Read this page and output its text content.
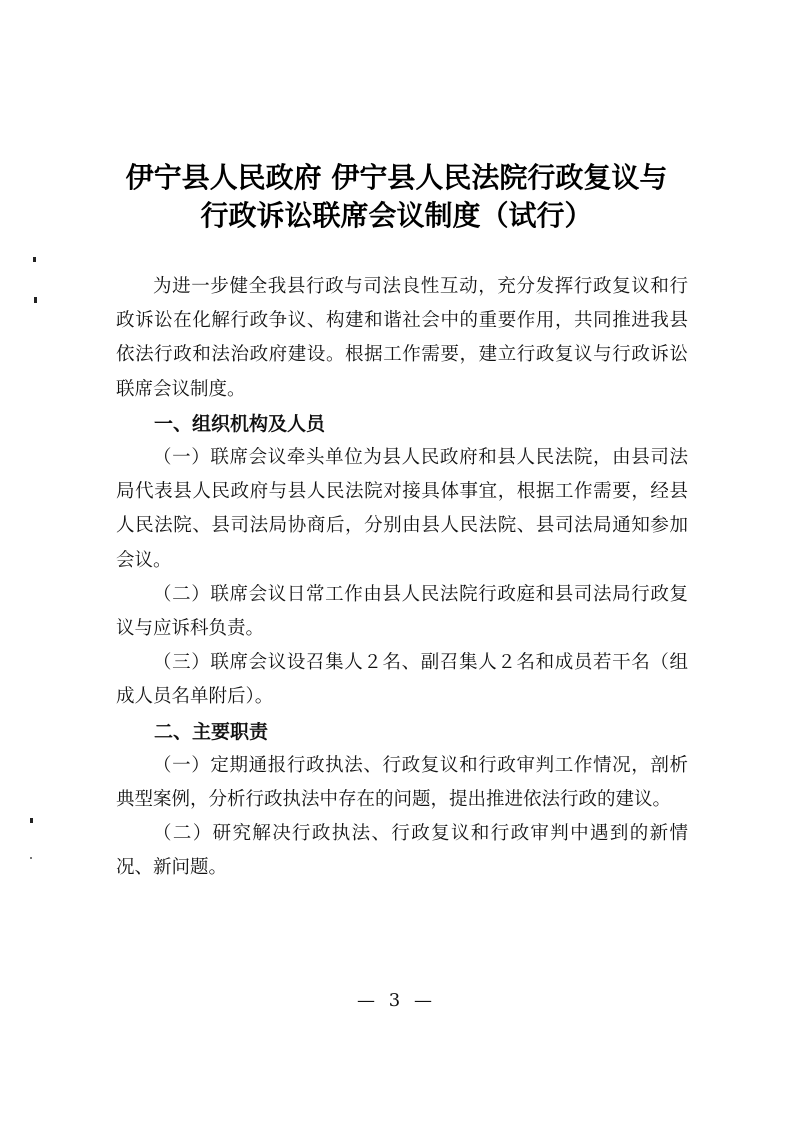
伊宁县人民政府 伊宁县人民法院行政复议与
行政诉讼联席会议制度（试行）

为进一步健全我县行政与司法良性互动，充分发挥行政复议和行政诉讼在化解行政争议、构建和谐社会中的重要作用，共同推进我县依法行政和法治政府建设。根据工作需要，建立行政复议与行政诉讼联席会议制度。

一、组织机构及人员

（一）联席会议牵头单位为县人民政府和县人民法院，由县司法局代表县人民政府与县人民法院对接具体事宜，根据工作需要，经县人民法院、县司法局协商后，分别由县人民法院、县司法局通知参加会议。

（二）联席会议日常工作由县人民法院行政庭和县司法局行政复议与应诉科负责。

（三）联席会议设召集人２名、副召集人２名和成员若干名（组成人员名单附后）。

二、主要职责

（一）定期通报行政执法、行政复议和行政审判工作情况，剖析典型案例，分析行政执法中存在的问题，提出推进依法行政的建议。

（二）研究解决行政执法、行政复议和行政审判中遇到的新情况、新问题。

— 3 —
